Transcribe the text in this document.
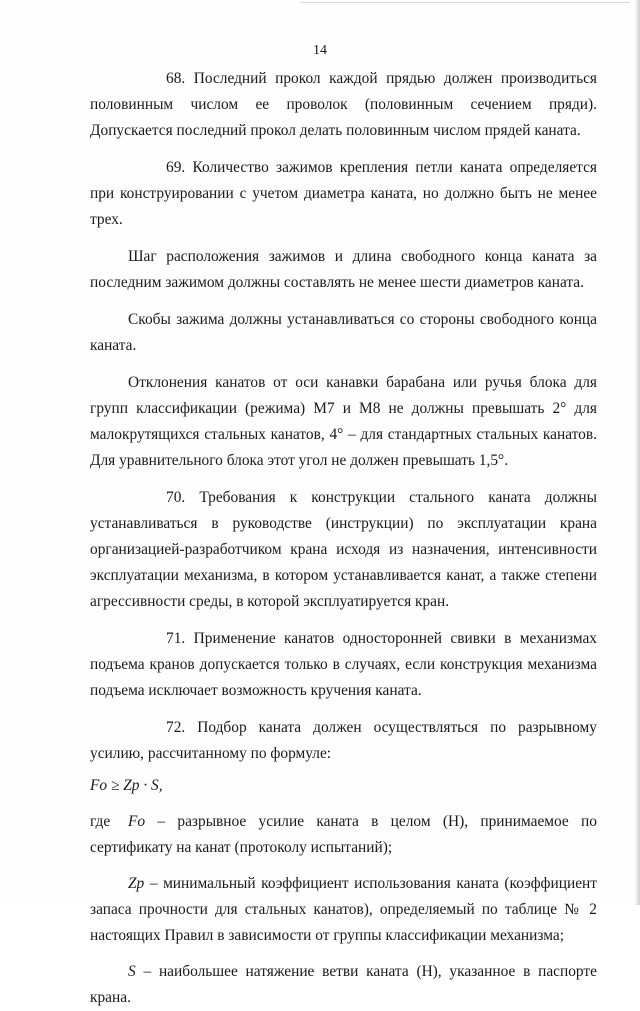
14

68. Последний прокол каждой прядью должен производиться половинным числом ее проволок (половинным сечением пряди). Допускается последний прокол делать половинным числом прядей каната.

69. Количество зажимов крепления петли каната определяется при конструировании с учетом диаметра каната, но должно быть не менее трех.

Шаг расположения зажимов и длина свободного конца каната за последним зажимом должны составлять не менее шести диаметров каната.

Скобы зажима должны устанавливаться со стороны свободного конца каната.

Отклонения канатов от оси канавки барабана или ручья блока для групп классификации (режима) М7 и М8 не должны превышать 2° для малокрутящихся стальных канатов, 4° – для стандартных стальных канатов. Для уравнительного блока этот угол не должен превышать 1,5°.

70. Требования к конструкции стального каната должны устанавливаться в руководстве (инструкции) по эксплуатации крана организацией-разработчиком крана исходя из назначения, интенсивности эксплуатации механизма, в котором устанавливается канат, а также степени агрессивности среды, в которой эксплуатируется кран.

71. Применение канатов односторонней свивки в механизмах подъема кранов допускается только в случаях, если конструкция механизма подъема исключает возможность кручения каната.

72. Подбор каната должен осуществляться по разрывному усилию, рассчитанному по формуле:

Fo ≥ Zp · S,

где Fo – разрывное усилие каната в целом (Н), принимаемое по сертификату на канат (протоколу испытаний);

Zp – минимальный коэффициент использования каната (коэффициент запаса прочности для стальных канатов), определяемый по таблице № 2 настоящих Правил в зависимости от группы классификации механизма;

S – наибольшее натяжение ветви каната (Н), указанное в паспорте крана.
